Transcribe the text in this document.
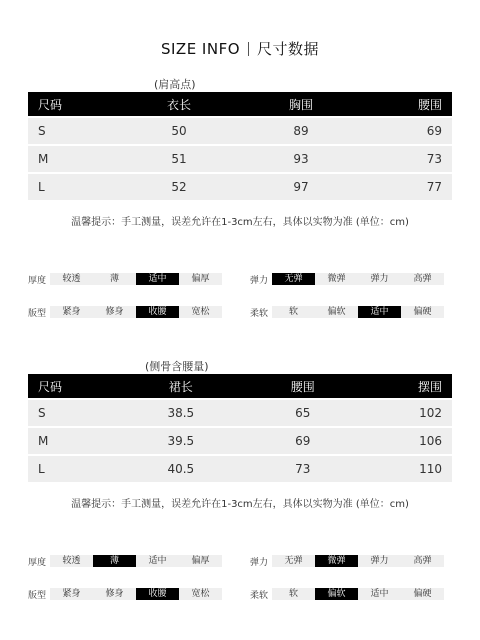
SIZE INFO 尺寸数据
(肩高点)
尺码	衣长	胸围	腰围
S	50	89	69
M	51	93	73
L	52	97	77
温馨提示：手工测量，误差允许在1-3cm左右，具体以实物为准 (单位：cm)
厚度	较透	薄	适中	偏厚	弹力	无弹	微弹	弹力	高弹
版型	紧身	修身	收腰	宽松	柔软	软	偏软	适中	偏硬
(侧骨含腰量)
尺码	裙长	腰围	摆围
S	38.5	65	102
M	39.5	69	106
L	40.5	73	110
温馨提示：手工测量，误差允许在1-3cm左右，具体以实物为准 (单位：cm)
厚度	较透	薄	适中	偏厚	弹力	无弹	微弹	弹力	高弹
版型	紧身	修身	收腰	宽松	柔软	软	偏软	适中	偏硬
